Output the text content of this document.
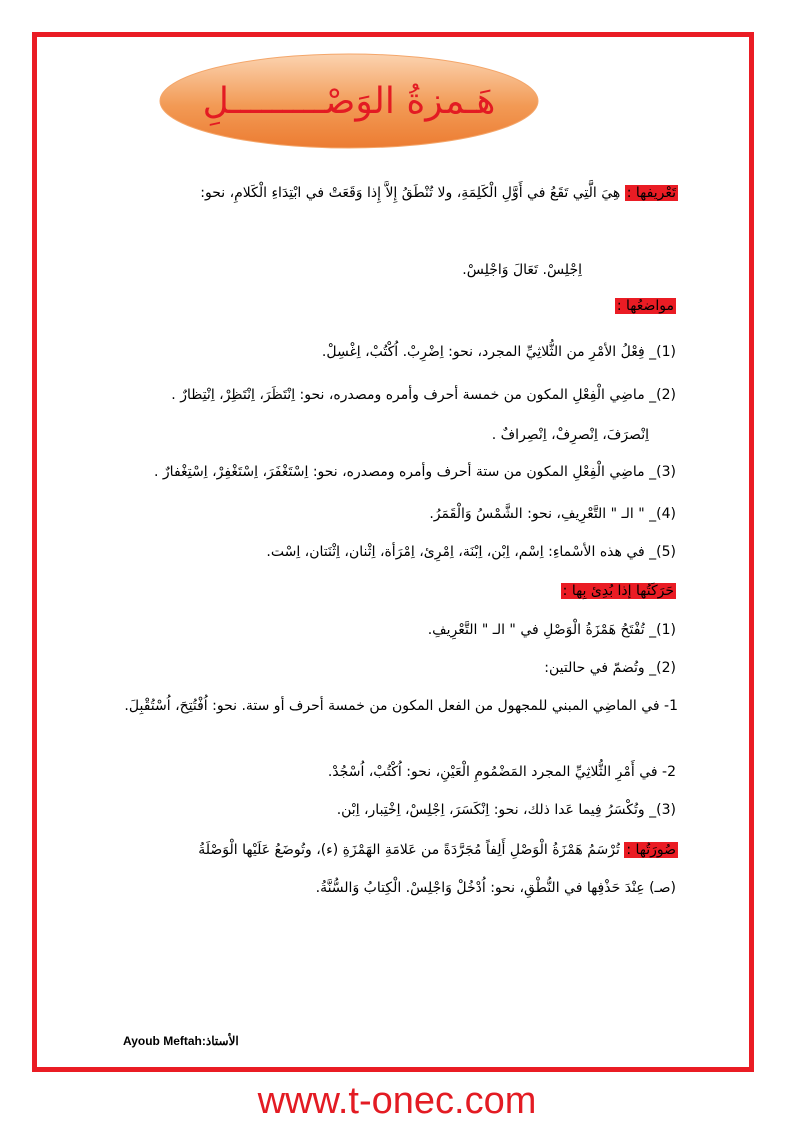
هَـمزةُ الوَصْـــــــــلِ
تَعْريفها : هِيَ الَّتِي تَقَعُ في أَوَّلِ الْكَلِمَةِ، ولا تُنْطَقُ إِلاَّ إِذا وَقَعَتْ في ابْتِدَاءِ الْكَلامِ، نحو:
اِجْلِسْ. تَعَالَ وَاجْلِسْ.
مواضعُها :
(1)_ فِعْلُ الأمْرِ من الثُّلاثِيِّ المجرد، نحو: اِضْرِبْ. اُكْتُبْ، اِغْسِلْ.
(2)_ ماضِي الْفِعْلِ المكون من خمسة أحرف وأمره ومصدره، نحو: اِنْتَظَرَ، اِنْتَظِرْ، اِنْتِظارٌ .
اِنْصرَفَ، اِنْصرِفْ، اِنْصِرافٌ .
(3)_ ماضِي الْفِعْلِ المكون من ستة أحرف وأمره ومصدره، نحو: اِسْتَغْفَرَ، اِسْتَغْفِرْ، اِسْتِغْفارٌ .
(4)_ " الـ " التَّعْرِيفِ، نحو: الشَّمْسُ وَالْقَمَرُ.
(5)_ في هذه الأسْماءِ: اِسْم، اِبْن، اِبْنَة، اِمْرِئ، اِمْرَأة، اِثْنان، اِثْنَتان، اِسْت.
حَرَكَتُها إذا بُدِئ بِها :
(1)_ تُفْتَحُ هَمْزَةُ الْوَصْلِ في " الـ " التَّعْرِيفِ.
(2)_ وتُضمّ في حالتين:
1- في الماضِي المبني للمجهول من الفعل المكون من خمسة أحرف أو ستة. نحو: اُفْتُتِحَ، اُسْتُقْبِلَ.
2- في أَمْرِ الثُّلاثِيِّ المجرد المَضْمُومِ الْعَيْنِ، نحو: اُكْتُبْ، اُسْجُدْ.
(3)_ وتُكْسَرُ فِيما عَدا ذلك، نحو: اِنْكَسَرَ، اِجْلِسْ، اِخْتِبار، اِبْن.
صُورَتُها : تُرْسَمُ هَمْزَةُ الْوَصْلِ أَلِفاً مُجَرَّدَةً من عَلامَةِ الهَمْزَةِ (ء)، وتُوضَعُ عَلَيْها الْوَصْلَةُ
(صـ) عِنْدَ حَذْفِها في النُّطْقِ، نحو: اُدْخُلْ وَاجْلِسْ. الْكِتابُ وَالسُّنَّةُ.
Ayoub Meftahالأستاذ:
www.t-onec.com
